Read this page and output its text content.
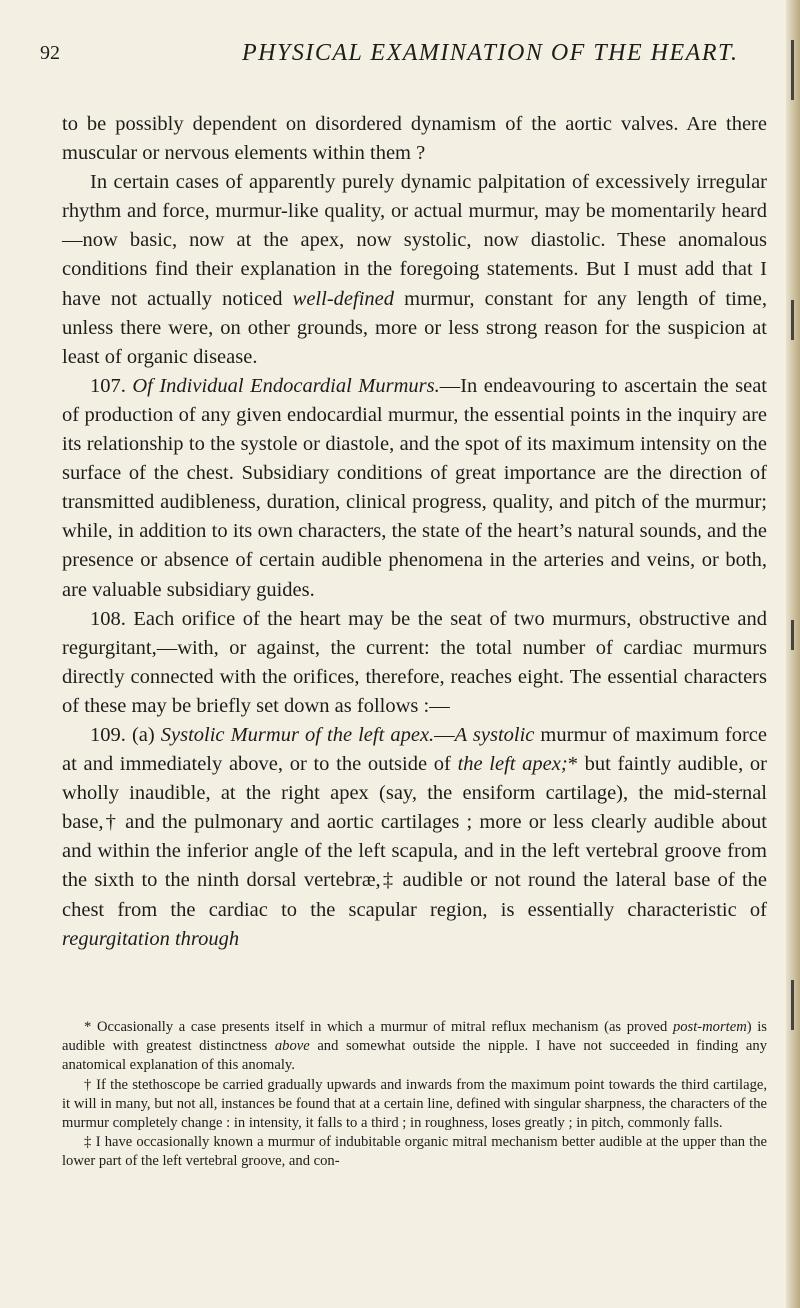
92	PHYSICAL EXAMINATION OF THE HEART.

to be possibly dependent on disordered dynamism of the aortic valves. Are there muscular or nervous elements within them ?

In certain cases of apparently purely dynamic palpitation of excessively irregular rhythm and force, murmur-like quality, or actual murmur, may be momentarily heard—now basic, now at the apex, now systolic, now diastolic. These anomalous conditions find their explanation in the foregoing statements. But I must add that I have not actually noticed well-defined murmur, constant for any length of time, unless there were, on other grounds, more or less strong reason for the suspicion at least of organic disease.

107. Of Individual Endocardial Murmurs.—In endeavouring to ascertain the seat of production of any given endocardial murmur, the essential points in the inquiry are its relationship to the systole or diastole, and the spot of its maximum intensity on the surface of the chest. Subsidiary conditions of great importance are the direction of transmitted audibleness, duration, clinical progress, quality, and pitch of the murmur; while, in addition to its own characters, the state of the heart’s natural sounds, and the presence or absence of certain audible phenomena in the arteries and veins, or both, are valuable subsidiary guides.

108. Each orifice of the heart may be the seat of two murmurs, obstructive and regurgitant,—with, or against, the current: the total number of cardiac murmurs directly connected with the orifices, therefore, reaches eight. The essential characters of these may be briefly set down as follows :—

109. (a) Systolic Murmur of the left apex.—A systolic murmur of maximum force at and immediately above, or to the outside of the left apex;* but faintly audible, or wholly inaudible, at the right apex (say, the ensiform cartilage), the mid-sternal base,† and the pulmonary and aortic cartilages ; more or less clearly audible about and within the inferior angle of the left scapula, and in the left vertebral groove from the sixth to the ninth dorsal vertebræ,‡ audible or not round the lateral base of the chest from the cardiac to the scapular region, is essentially characteristic of regurgitation through

* Occasionally a case presents itself in which a murmur of mitral reflux mechanism (as proved post-mortem) is audible with greatest distinctness above and somewhat outside the nipple. I have not succeeded in finding any anatomical explanation of this anomaly.

† If the stethoscope be carried gradually upwards and inwards from the maximum point towards the third cartilage, it will in many, but not all, instances be found that at a certain line, defined with singular sharpness, the characters of the murmur completely change : in intensity, it falls to a third ; in roughness, loses greatly ; in pitch, commonly falls.

‡ I have occasionally known a murmur of indubitable organic mitral mechanism better audible at the upper than the lower part of the left vertebral groove, and con-
